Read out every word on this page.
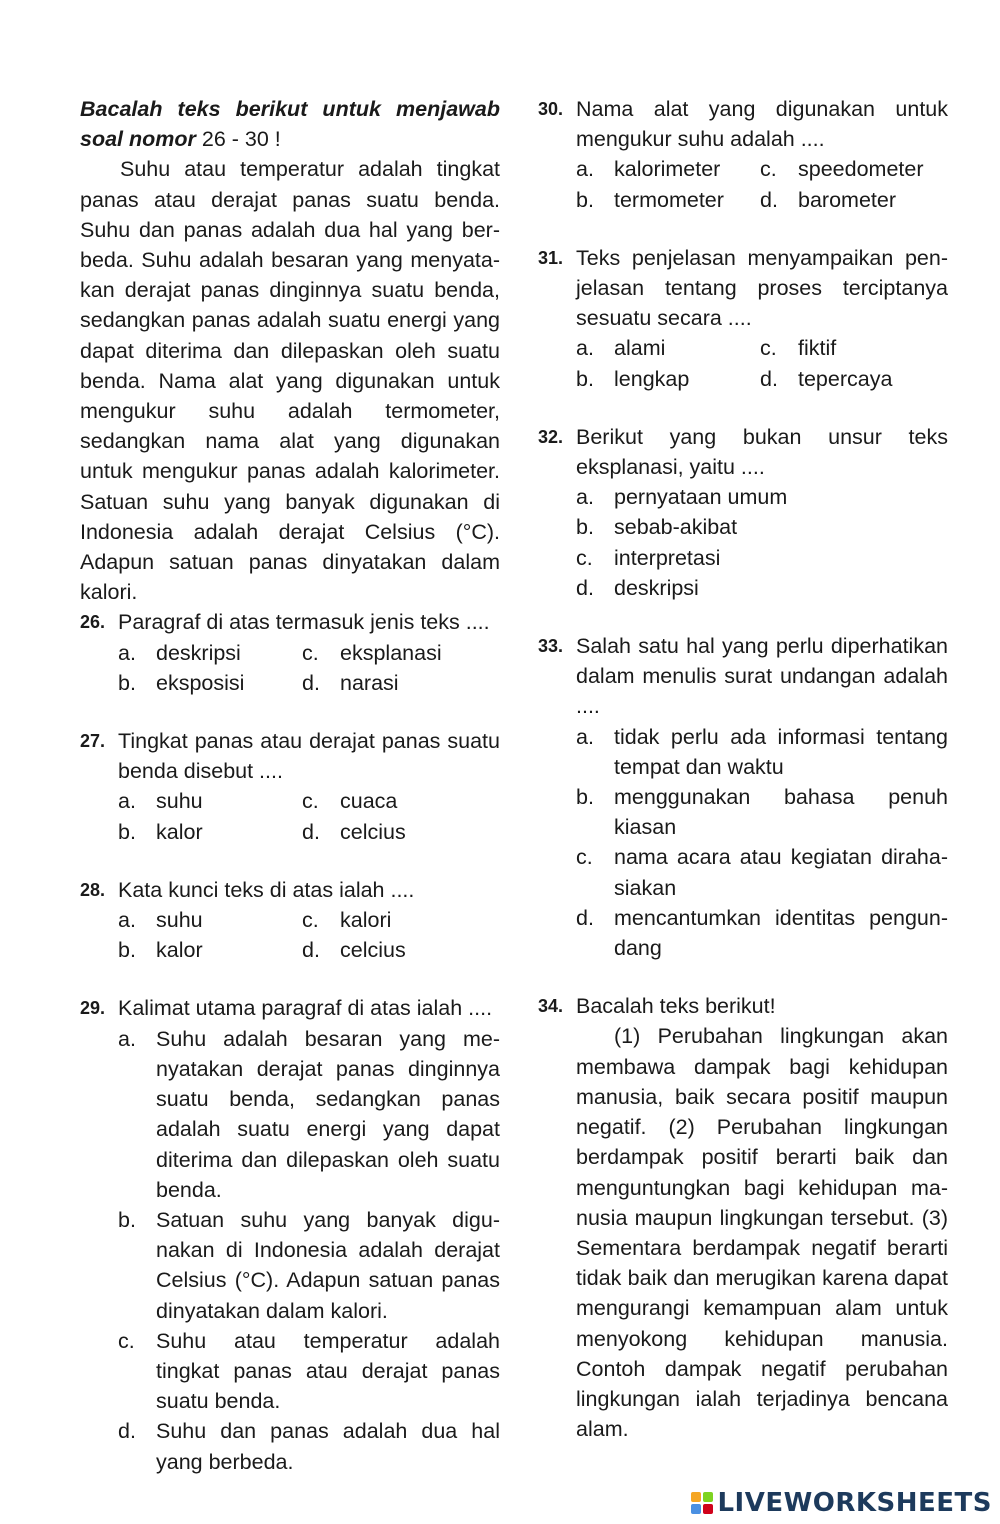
Bacalah teks berikut untuk menjawab soal nomor 26 - 30 !

Suhu atau temperatur adalah tingkat panas atau derajat panas suatu benda. Suhu dan panas adalah dua hal yang ber-beda. Suhu adalah besaran yang menyata-kan derajat panas dinginnya suatu benda, sedangkan panas adalah suatu energi yang dapat diterima dan dilepaskan oleh suatu benda. Nama alat yang digunakan untuk mengukur suhu adalah termometer, sedangkan nama alat yang digunakan untuk mengukur panas adalah kalorimeter. Satuan suhu yang banyak digunakan di Indonesia adalah derajat Celsius (°C). Adapun satuan panas dinyatakan dalam kalori.

26. Paragraf di atas termasuk jenis teks ....
a. deskripsi	c. eksplanasi
b. eksposisi	d. narasi
27. Tingkat panas atau derajat panas suatu benda disebut ....
a. suhu	c. cuaca
b. kalor	d. celcius
28. Kata kunci teks di atas ialah ....
a. suhu	c. kalori
b. kalor	d. celcius
29. Kalimat utama paragraf di atas ialah ....
a. Suhu adalah besaran yang me-nyatakan derajat panas dinginnya suatu benda, sedangkan panas adalah suatu energi yang dapat diterima dan dilepaskan oleh suatu benda.
b. Satuan suhu yang banyak digu-nakan di Indonesia adalah derajat Celsius (°C). Adapun satuan panas dinyatakan dalam kalori.
c. Suhu atau temperatur adalah tingkat panas atau derajat panas suatu benda.
d. Suhu dan panas adalah dua hal yang berbeda.
30. Nama alat yang digunakan untuk mengukur suhu adalah ....
a. kalorimeter c. speedometer
b. termometer d. barometer
31. Teks penjelasan menyampaikan pen-jelasan tentang proses terciptanya sesuatu secara ....
a. alami	c. fiktif
b. lengkap	d. tepercaya
32. Berikut yang bukan unsur teks eksplanasi, yaitu ....
a. pernyataan umum
b. sebab-akibat
c. interpretasi
d. deskripsi
33. Salah satu hal yang perlu diperhatikan dalam menulis surat undangan adalah ....
a. tidak perlu ada informasi tentang tempat dan waktu
b. menggunakan bahasa penuh kiasan
c. nama acara atau kegiatan diraha-siakan
d. mencantumkan identitas pengun-dang
34. Bacalah teks berikut!

(1) Perubahan lingkungan akan membawa dampak bagi kehidupan manusia, baik secara positif maupun negatif. (2) Perubahan lingkungan berdampak positif berarti baik dan menguntungkan bagi kehidupan ma-nusia maupun lingkungan tersebut. (3) Sementara berdampak negatif berarti tidak baik dan merugikan karena dapat mengurangi kemampuan alam untuk menyokong kehidupan manusia. Contoh dampak negatif perubahan lingkungan ialah terjadinya bencana alam.

LIVEWORKSHEETS
